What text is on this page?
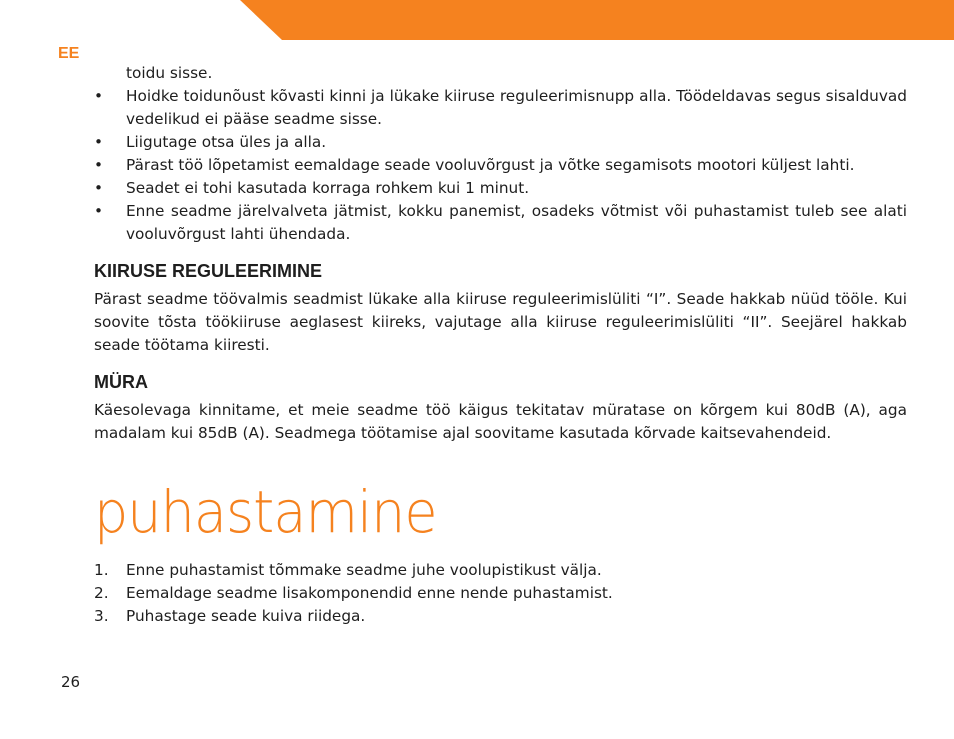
EE

toidu sisse.

• Hoidke toidunõust kõvasti kinni ja lükake kiiruse reguleerimisnupp alla. Töödeldavas segus sisalduvad vedelikud ei pääse seadme sisse.
• Liigutage otsa üles ja alla.
• Pärast töö lõpetamist eemaldage seade vooluvõrgust ja võtke segamisots mootori küljest lahti.
• Seadet ei tohi kasutada korraga rohkem kui 1 minut.
• Enne seadme järelvalveta jätmist, kokku panemist, osadeks võtmist või puhastamist tuleb see alati vooluvõrgust lahti ühendada.
KIIRUSE REGULEERIMINE

Pärast seadme töövalmis seadmist lükake alla kiiruse reguleerimislüliti “I”. Seade hakkab nüüd tööle. Kui soovite tõsta töökiiruse aeglasest kiireks, vajutage alla kiiruse reguleerimislüliti “II”. Seejärel hakkab seade töötama kiiresti.

MÜRA

Käesolevaga kinnitame, et meie seadme töö käigus tekitatav müratase on kõrgem kui 80dB (A), aga madalam kui 85dB (A). Seadmega töötamise ajal soovitame kasutada kõrvade kaitsevahendeid.

puhastamine
1. Enne puhastamist tõmmake seadme juhe voolupistikust välja.
2. Eemaldage seadme lisakomponendid enne nende puhastamist.
3. Puhastage seade kuiva riidega.
26
